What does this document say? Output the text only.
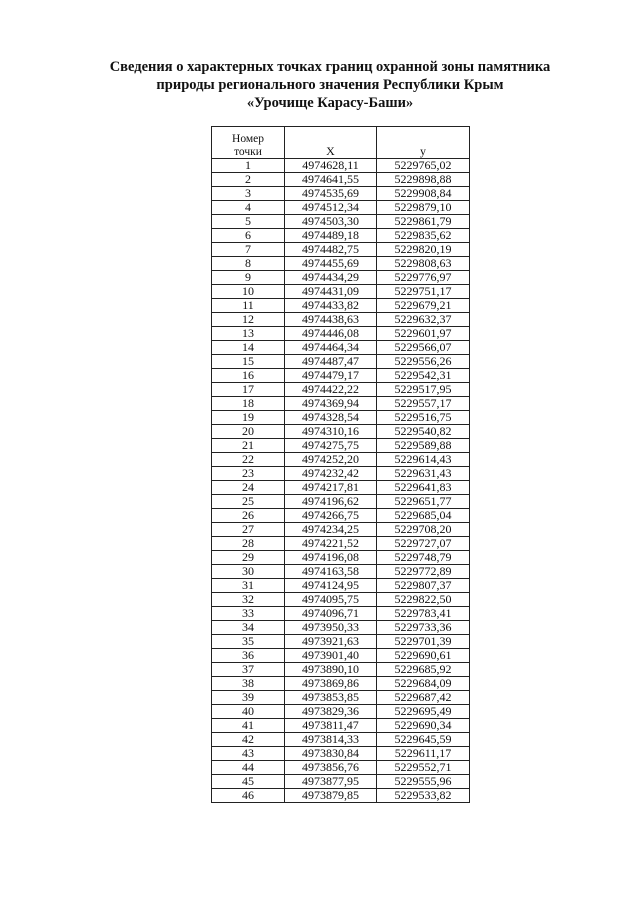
Сведения о характерных точках границ охранной зоны памятника
природы регионального значения Республики Крым
«Урочище Карасу-Баши»
Номер
точки	Х	у
1	4974628,11	5229765,02
2	4974641,55	5229898,88
3	4974535,69	5229908,84
4	4974512,34	5229879,10
5	4974503,30	5229861,79
6	4974489,18	5229835,62
7	4974482,75	5229820,19
8	4974455,69	5229808,63
9	4974434,29	5229776,97
10	4974431,09	5229751,17
11	4974433,82	5229679,21
12	4974438,63	5229632,37
13	4974446,08	5229601,97
14	4974464,34	5229566,07
15	4974487,47	5229556,26
16	4974479,17	5229542,31
17	4974422,22	5229517,95
18	4974369,94	5229557,17
19	4974328,54	5229516,75
20	4974310,16	5229540,82
21	4974275,75	5229589,88
22	4974252,20	5229614,43
23	4974232,42	5229631,43
24	4974217,81	5229641,83
25	4974196,62	5229651,77
26	4974266,75	5229685,04
27	4974234,25	5229708,20
28	4974221,52	5229727,07
29	4974196,08	5229748,79
30	4974163,58	5229772,89
31	4974124,95	5229807,37
32	4974095,75	5229822,50
33	4974096,71	5229783,41
34	4973950,33	5229733,36
35	4973921,63	5229701,39
36	4973901,40	5229690,61
37	4973890,10	5229685,92
38	4973869,86	5229684,09
39	4973853,85	5229687,42
40	4973829,36	5229695,49
41	4973811,47	5229690,34
42	4973814,33	5229645,59
43	4973830,84	5229611,17
44	4973856,76	5229552,71
45	4973877,95	5229555,96
46	4973879,85	5229533,82
